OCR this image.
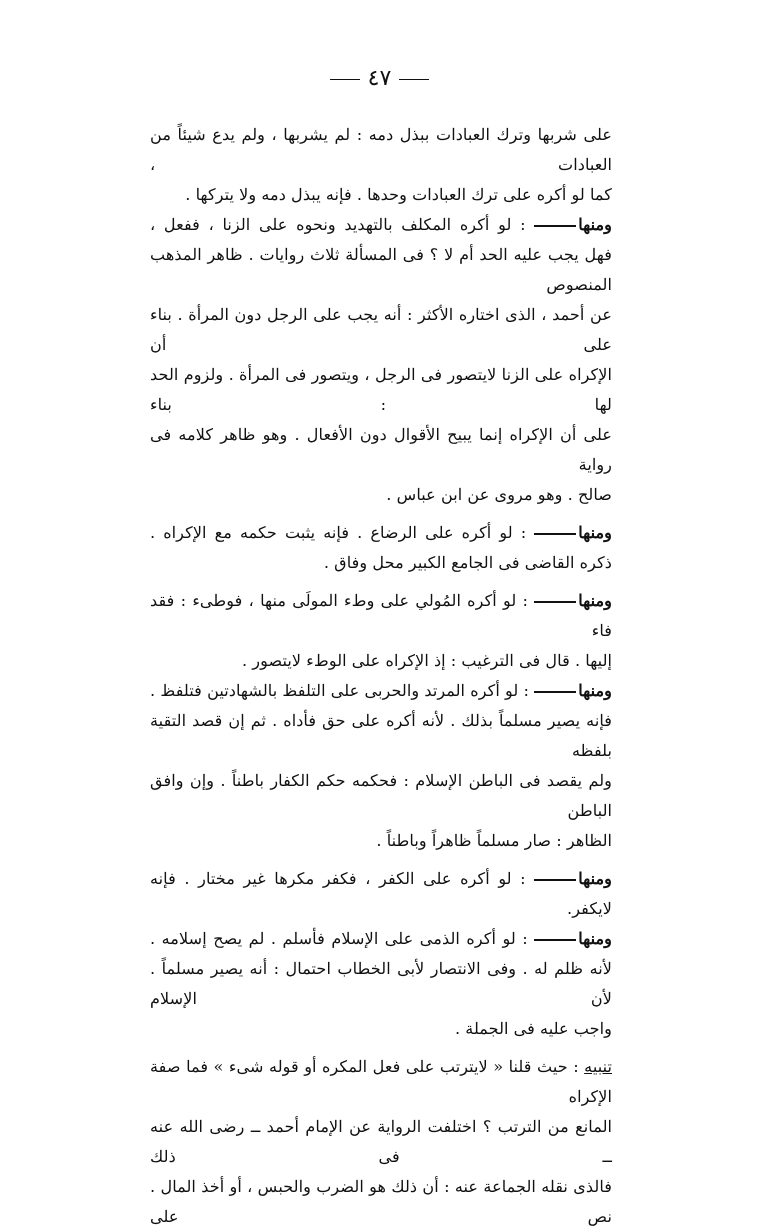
٤٧

على شربها وترك العبادات ببذل دمه : لم يشربها ، ولم يدع شيئاً من العبادات ،

كما لو أكره على ترك العبادات وحدها . فإنه يبذل دمه ولا يتركها .

ومنها : لو أكره المكلف بالتهديد ونحوه على الزنا ، ففعل ،

فهل يجب عليه الحد أم لا ؟ فى المسألة ثلاث روايات . ظاهر المذهب المنصوص

عن أحمد ، الذى اختاره الأكثر : أنه يجب على الرجل دون المرأة . بناء على أن

الإكراه على الزنا لايتصور فى الرجل ، ويتصور فى المرأة . ولزوم الحد لها : بناء

على أن الإكراه إنما يبيح الأقوال دون الأفعال . وهو ظاهر كلامه فى رواية

صالح . وهو مروى عن ابن عباس .

ومنها : لو أكره على الرضاع . فإنه يثبت حكمه مع الإكراه .

ذكره القاضى فى الجامع الكبير محل وفاق .

ومنها : لو أكره المُولي على وطء المولَى منها ، فوطىء : فقد فاء

إليها . قال فى الترغيب : إذ الإكراه على الوطء لايتصور .

ومنها : لو أكره المرتد والحربى على التلفظ بالشهادتين فتلفظ .

فإنه يصير مسلماً بذلك . لأنه أكره على حق فأداه . ثم إن قصد التقية بلفظه

ولم يقصد فى الباطن الإسلام : فحكمه حكم الكفار باطناً . وإن وافق الباطن

الظاهر : صار مسلماً ظاهراً وباطناً .

ومنها : لو أكره على الكفر ، فكفر مكرها غير مختار . فإنه لايكفر.

ومنها : لو أكره الذمى على الإسلام فأسلم . لم يصح إسلامه .

لأنه ظلم له . وفى الانتصار لأبى الخطاب احتمال : أنه يصير مسلماً . لأن الإسلام

واجب عليه فى الجملة .

تنبيه : حيث قلنا « لايترتب على فعل المكره أو قوله شىء » فما صفة الإكراه

المانع من الترتب ؟ اختلفت الرواية عن الإمام أحمد ــ رضى الله عنه ــ فى ذلك

فالذى نقله الجماعة عنه : أن ذلك هو الضرب والحبس ، أو أخذ المال . نص على
